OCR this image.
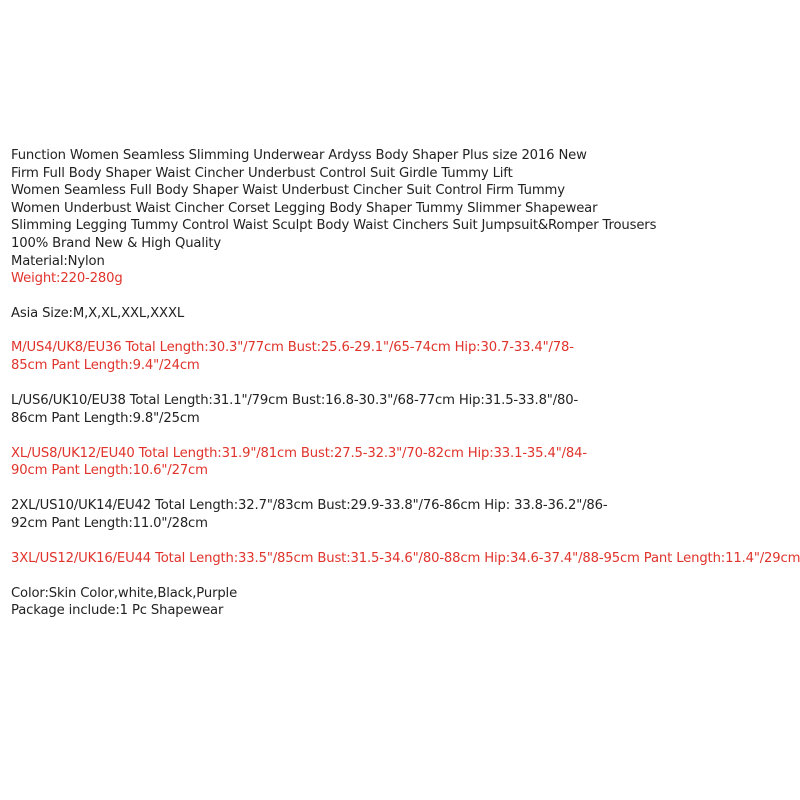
Function Women Seamless Slimming Underwear Ardyss Body Shaper Plus size 2016 New
Firm Full Body Shaper Waist Cincher Underbust Control Suit Girdle Tummy Lift
Women Seamless Full Body Shaper Waist Underbust Cincher Suit Control Firm Tummy
Women Underbust Waist Cincher Corset Legging Body Shaper Tummy Slimmer Shapewear
Slimming Legging Tummy Control Waist Sculpt Body Waist Cinchers Suit Jumpsuit&Romper Trousers
100% Brand New & High Quality
Material:Nylon
Weight:220-280g
Asia Size:M,X,XL,XXL,XXXL
M/US4/UK8/EU36 Total Length:30.3"/77cm Bust:25.6-29.1"/65-74cm Hip:30.7-33.4"/78-
85cm Pant Length:9.4"/24cm
L/US6/UK10/EU38 Total Length:31.1"/79cm Bust:16.8-30.3"/68-77cm Hip:31.5-33.8"/80-
86cm Pant Length:9.8"/25cm
XL/US8/UK12/EU40 Total Length:31.9"/81cm Bust:27.5-32.3"/70-82cm Hip:33.1-35.4"/84-
90cm Pant Length:10.6"/27cm
2XL/US10/UK14/EU42 Total Length:32.7"/83cm Bust:29.9-33.8"/76-86cm Hip: 33.8-36.2"/86-
92cm Pant Length:11.0"/28cm
3XL/US12/UK16/EU44 Total Length:33.5"/85cm Bust:31.5-34.6"/80-88cm Hip:34.6-37.4"/88-95cm Pant Length:11.4"/29cm
Color:Skin Color,white,Black,Purple
Package include:1 Pc Shapewear
